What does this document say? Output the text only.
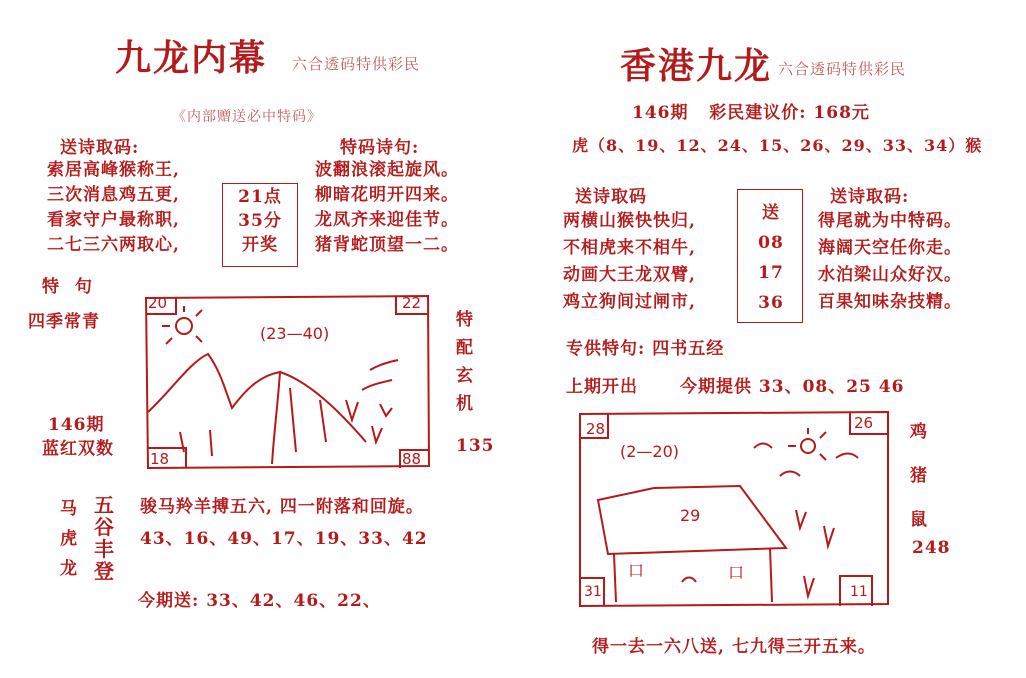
九龙内幕 六合透码特供彩民
《内部赠送必中特码》
送诗取码:
索居高峰猴称王,
三次消息鸡五更,
看家守户最称职,
二七三六两取心,
21点
35分
开奖
特码诗句:
波翻浪滚起旋风。
柳暗花明开四来。
龙凤齐来迎佳节。
猪背蛇顶望一二。
特 句
四季常青
146期
蓝红双数
20	22
(23—40)
18	88
特
配
玄
机
135
马
虎
龙
五
谷
丰
登
骏马羚羊搏五六, 四一附落和回旋。
43、16、49、17、19、33、42
今期送: 33、42、46、22、
香港九龙 六合透码特供彩民
146期   彩民建议价: 168元
虎（8、19、12、24、15、26、29、33、34）猴
送诗取码
两横山猴快快归,
不相虎来不相牛,
动画大王龙双臂,
鸡立狗间过闸市,
送
08
17
36
送诗取码:
得尾就为中特码。
海阔天空任你走。
水泊梁山众好汉。
百果知味杂技精。
专供特句: 四书五经
上期开出 今期提供 33、08、25 46
28	26
(2—20)
29
口	口
31	11
鸡
猪
鼠
248
得一去一六八送, 七九得三开五来。
